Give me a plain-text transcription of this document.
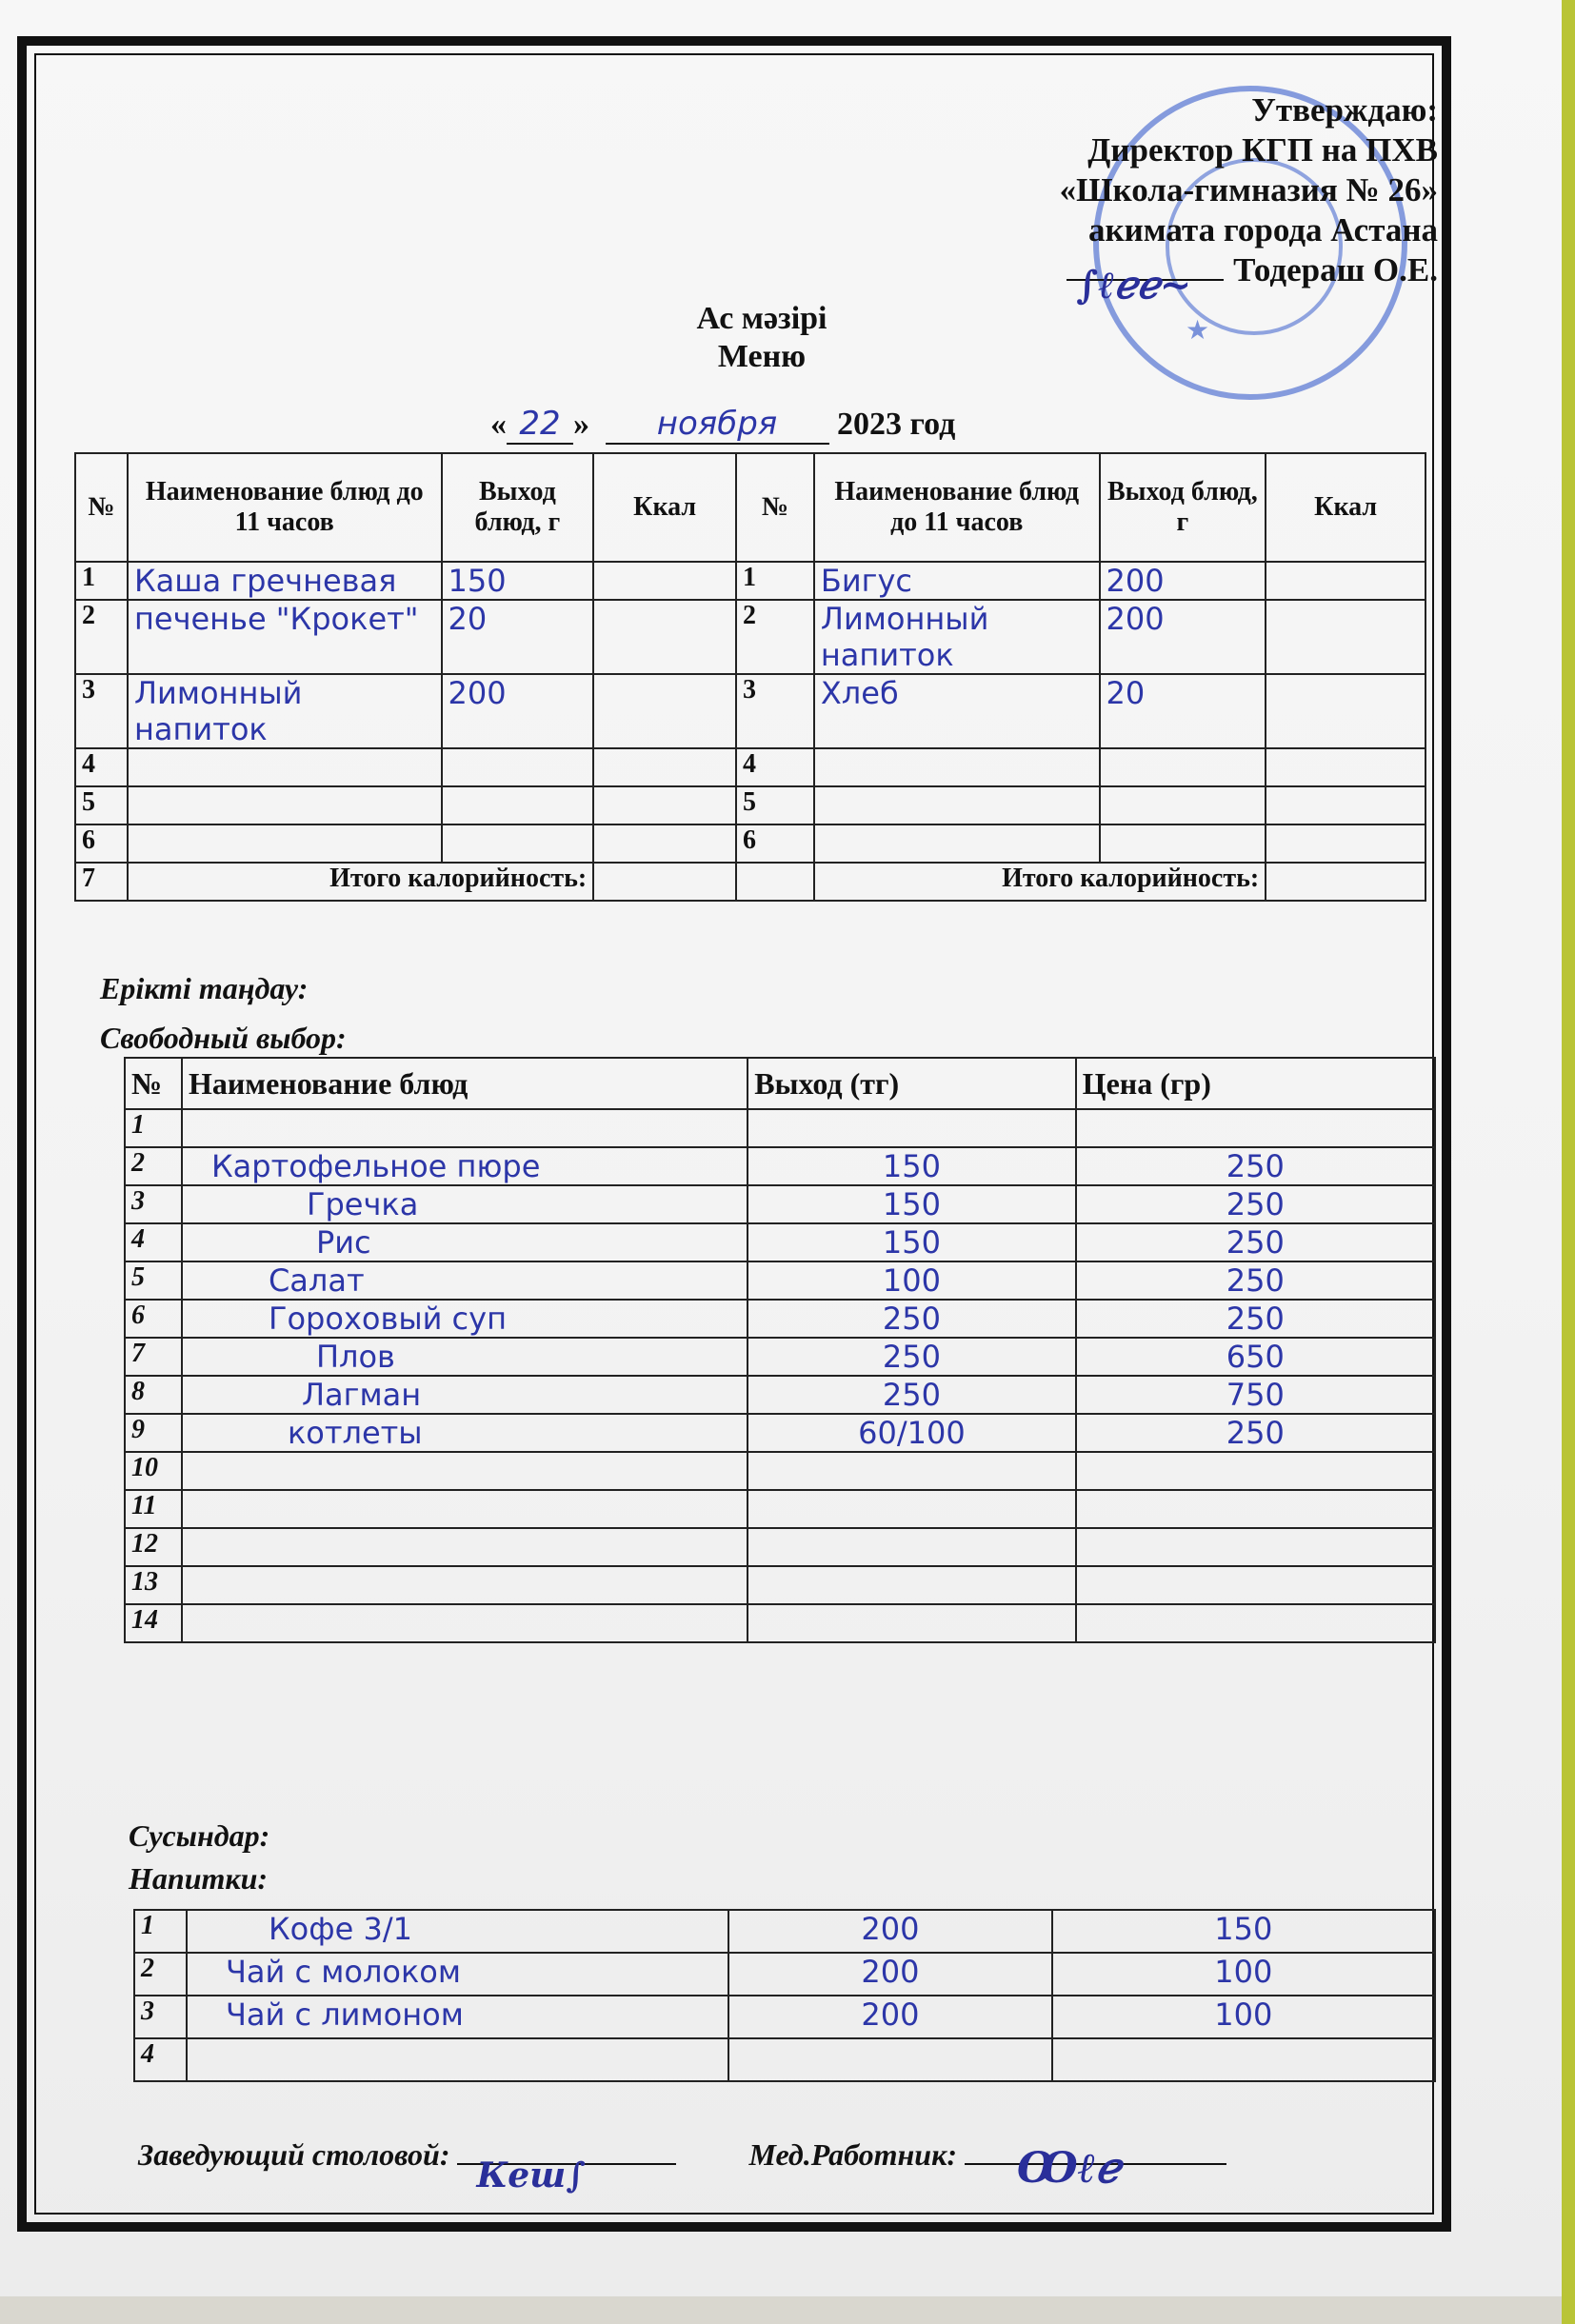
★
Утверждаю:
Директор КГП на ПХВ
«Школа-гимназия № 26»
акимата города Астана
∫ℓℯℯ~ Тодераш О.Е.
Ас мәзірі
Меню
« 22 » ноября 2023 год
№	Наименование блюд до 11 часов	Выход блюд, г	Ккал	№	Наименование блюд до 11 часов	Выход блюд, г	Ккал
1	Каша гречневая	150		1	Бигус	200	
2	печенье "Крокет"	20		2	Лимонный напиток	200	
3	Лимонный напиток	200		3	Хлеб	20	
4				4			
5				5			
6				6			
7	Итого калорийность:				Итого калорийность:		
Ерікті таңдау:
Свободный выбор:
№	Наименование блюд	Выход (тг)	Цена (гр)
1			
2	Картофельное пюре	150	250
3	Гречка	150	250
4	Рис	150	250
5	Салат	100	250
6	Гороховый суп	250	250
7	Плов	250	650
8	Лагман	250	750
9	котлеты	60/100	250
10			
11			
12			
13			
14			
Сусындар:
Напитки:
1	Кофе 3/1	200	150
2	Чай с молоком	200	100
3	Чай с лимоном	200	100
4			
Заведующий столовой:
Кеш∫
Мед.Работник: Ꝏℓℯ
